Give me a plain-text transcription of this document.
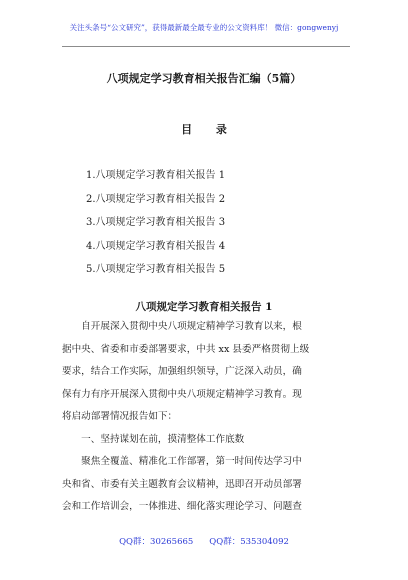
关注头条号“公文研究”，获得最新最全最专业的公文资料库！ 微信：gongwenyj
八项规定学习教育相关报告汇编（5篇）
目 录
1.八项规定学习教育相关报告 1
2.八项规定学习教育相关报告 2
3.八项规定学习教育相关报告 3
4.八项规定学习教育相关报告 4
5.八项规定学习教育相关报告 5
八项规定学习教育相关报告 1
　　自开展深入贯彻中央八项规定精神学习教育以来，根
据中央、省委和市委部署要求，中共 xx 县委严格贯彻上级
要求，结合工作实际，加强组织领导，广泛深入动员，确
保有力有序开展深入贯彻中央八项规定精神学习教育。现
将启动部署情况报告如下：
　　一、坚持谋划在前，摸清整体工作底数
　　聚焦全覆盖、精准化工作部署，第一时间传达学习中
央和省、市委有关主题教育会议精神，迅即召开动员部署
会和工作培训会，一体推进、细化落实理论学习、问题查
QQ群：30265665 QQ群：535304092
